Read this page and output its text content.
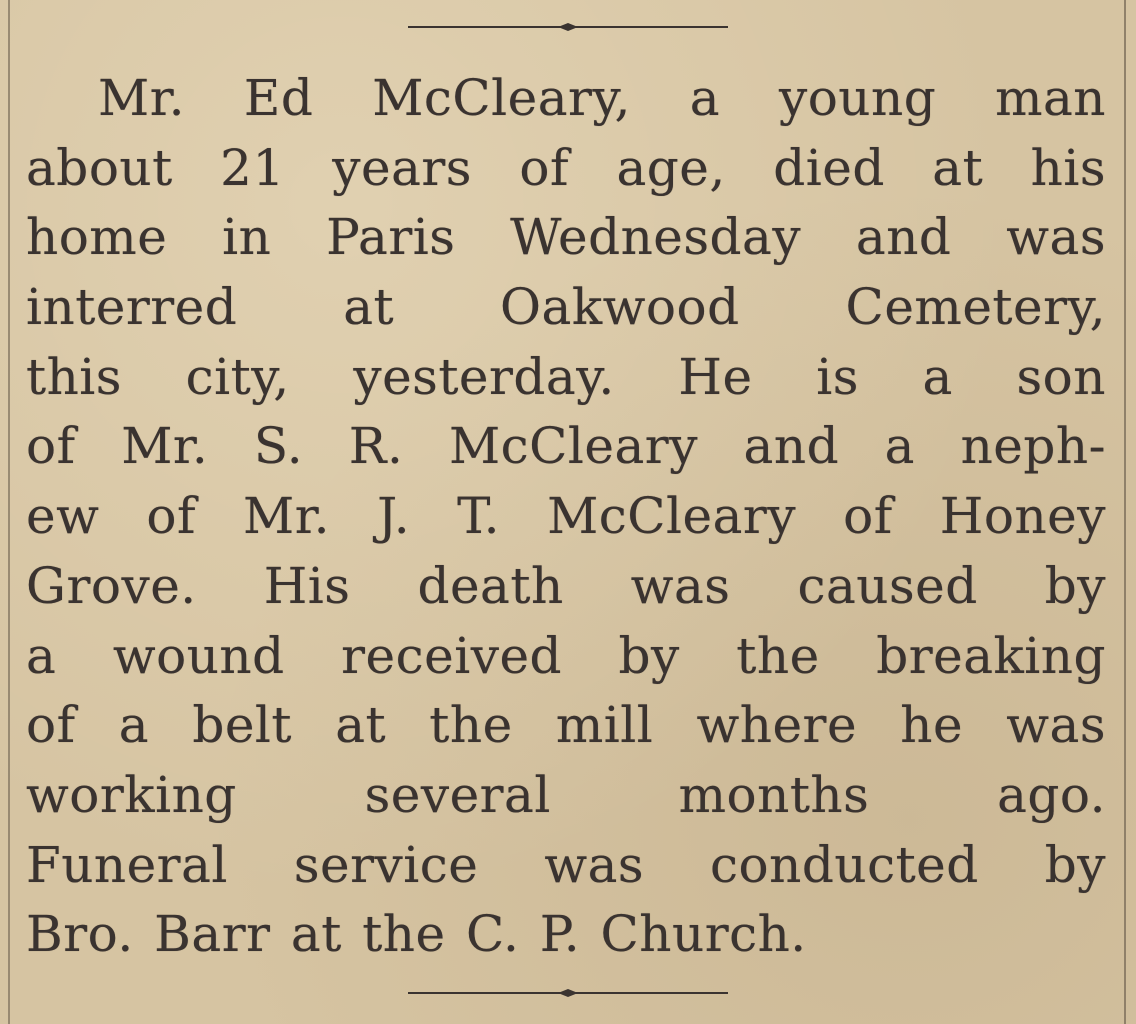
Mr. Ed McCleary, a young man
about 21 years of age, died at his
home in Paris Wednesday and was
interred at Oakwood Cemetery,
this city, yesterday. He is a son
of Mr. S. R. McCleary and a neph-
ew of Mr. J. T. McCleary of Honey
Grove. His death was caused by
a wound received by the breaking
of a belt at the mill where he was
working several months ago.
Funeral service was conducted by
Bro. Barr at the C. P. Church.
